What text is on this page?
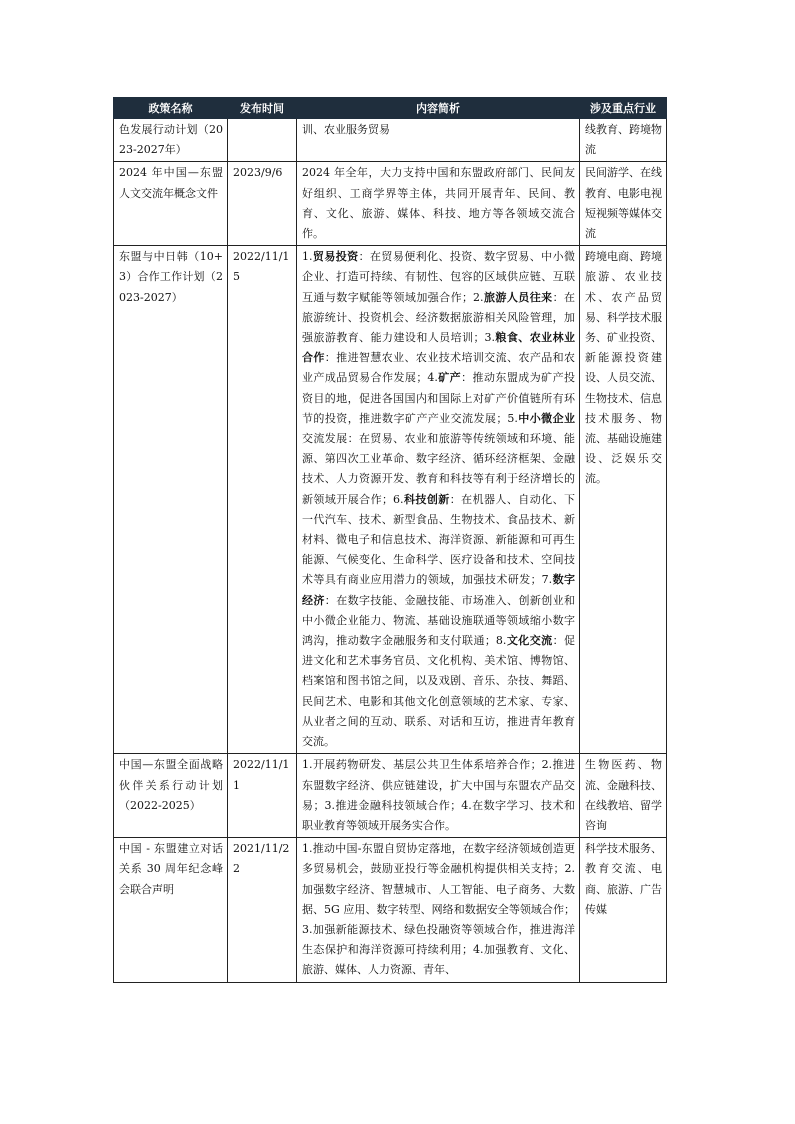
政策名称	发布时间	内容简析	涉及重点行业
色发展行动计划（2023-2027年）		训、农业服务贸易	线教育、跨境物流
2024 年中国—东盟人文交流年概念文件	2023/9/6	2024 年全年，大力支持中国和东盟政府部门、民间友好组织、工商学界等主体，共同开展青年、民间、教育、文化、旅游、媒体、科技、地方等各领域交流合作。	民间游学、在线教育、电影电视短视频等媒体交流
东盟与中日韩（10+3）合作工作计划（2023-2027）	2022/11/15	1.贸易投资：在贸易便利化、投资、数字贸易、中小微企业、打造可持续、有韧性、包容的区域供应链、互联互通与数字赋能等领域加强合作；2.旅游人员往来：在旅游统计、投资机会、经济数据旅游相关风险管理，加强旅游教育、能力建设和人员培训；3.粮食、农业林业合作：推进智慧农业、农业技术培训交流、农产品和农业产成品贸易合作发展；4.矿产：推动东盟成为矿产投资目的地，促进各国国内和国际上对矿产价值链所有环节的投资，推进数字矿产产业交流发展；5.中小微企业交流发展：在贸易、农业和旅游等传统领域和环境、能源、第四次工业革命、数字经济、循环经济框架、金融技术、人力资源开发、教育和科技等有利于经济增长的新领域开展合作；6.科技创新：在机器人、自动化、下一代汽车、技术、新型食品、生物技术、食品技术、新材料、微电子和信息技术、海洋资源、新能源和可再生能源、气候变化、生命科学、医疗设备和技术、空间技术等具有商业应用潜力的领域，加强技术研发；7.数字经济：在数字技能、金融技能、市场准入、创新创业和中小微企业能力、物流、基础设施联通等领域缩小数字鸿沟，推动数字金融服务和支付联通；8.文化交流：促进文化和艺术事务官员、文化机构、美术馆、博物馆、档案馆和图书馆之间，以及戏剧、音乐、杂技、舞蹈、民间艺术、电影和其他文化创意领域的艺术家、专家、从业者之间的互动、联系、对话和互访，推进青年教育交流。	跨境电商、跨境旅游、农业技术、农产品贸易、科学技术服务、矿业投资、新能源投资建设、人员交流、生物技术、信息技术服务、物流、基础设施建设、泛娱乐交流。
中国—东盟全面战略伙伴关系行动计划（2022-2025）	2022/11/11	1.开展药物研发、基层公共卫生体系培养合作；2.推进东盟数字经济、供应链建设，扩大中国与东盟农产品交易；3.推进金融科技领域合作；4.在数字学习、技术和职业教育等领域开展务实合作。	生物医药、物流、金融科技、在线教培、留学咨询
中国 - 东盟建立对话关系 30 周年纪念峰会联合声明	2021/11/22	1.推动中国-东盟自贸协定落地，在数字经济领域创造更多贸易机会，鼓励亚投行等金融机构提供相关支持；2.加强数字经济、智慧城市、人工智能、电子商务、大数据、5G 应用、数字转型、网络和数据安全等领域合作；3.加强新能源技术、绿色投融资等领域合作，推进海洋生态保护和海洋资源可持续利用；4.加强教育、文化、旅游、媒体、人力资源、青年、	科学技术服务、教育交流、电商、旅游、广告传媒
